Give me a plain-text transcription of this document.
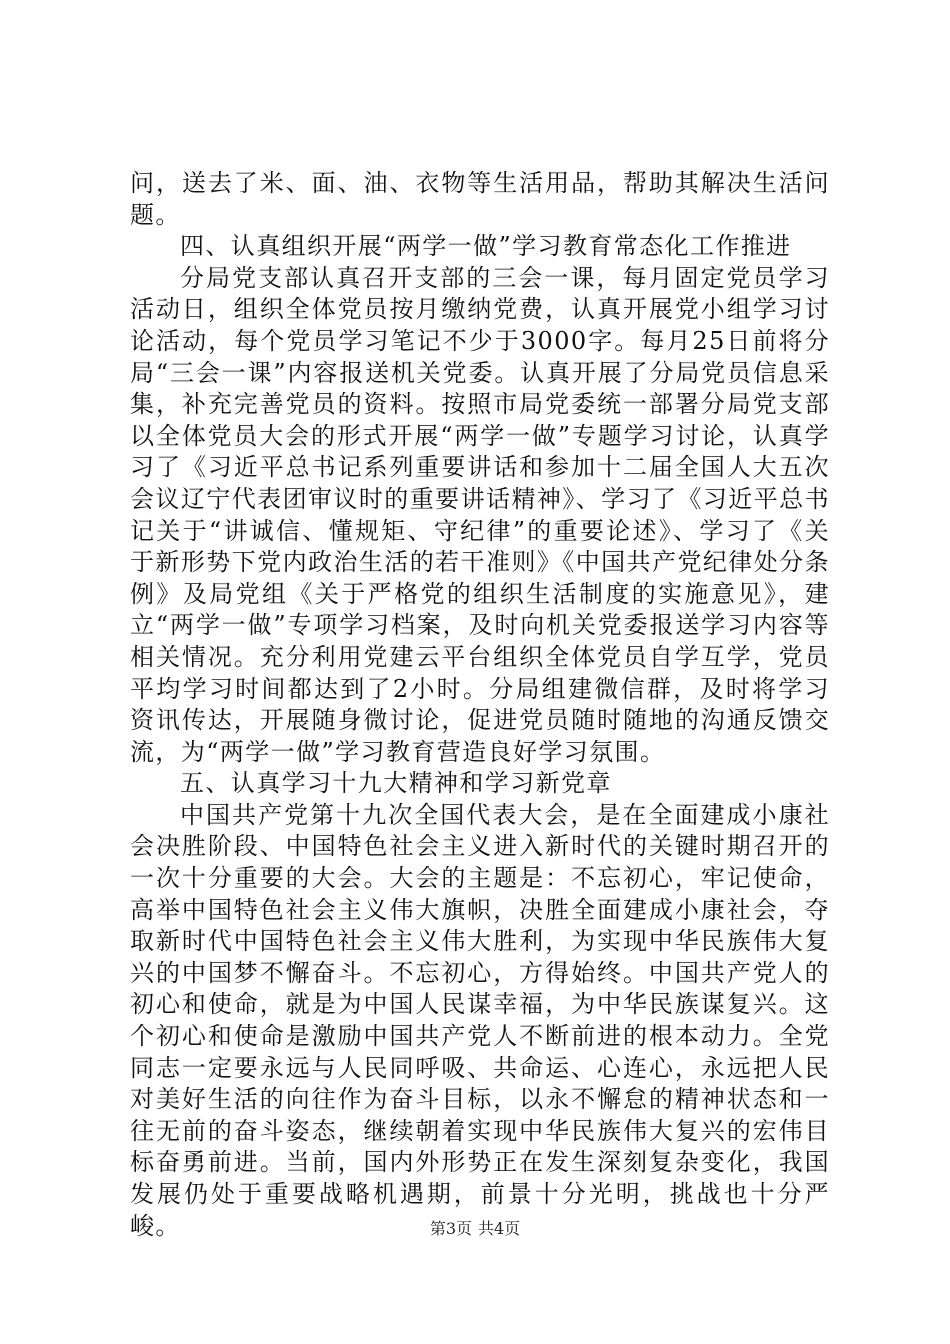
问，送去了米、面、油、衣物等生活用品，帮助其解决生活问题。

四、认真组织开展“两学一做”学习教育常态化工作推进

分局党支部认真召开支部的三会一课，每月固定党员学习活动日，组织全体党员按月缴纳党费，认真开展党小组学习讨论活动，每个党员学习笔记不少于3000字。每月25日前将分局“三会一课”内容报送机关党委。认真开展了分局党员信息采集，补充完善党员的资料。按照市局党委统一部署分局党支部以全体党员大会的形式开展“两学一做”专题学习讨论，认真学习了《习近平总书记系列重要讲话和参加十二届全国人大五次会议辽宁代表团审议时的重要讲话精神》、学习了《习近平总书记关于“讲诚信、懂规矩、守纪律”的重要论述》、学习了《关于新形势下党内政治生活的若干准则》《中国共产党纪律处分条例》及局党组《关于严格党的组织生活制度的实施意见》，建立“两学一做”专项学习档案，及时向机关党委报送学习内容等相关情况。充分利用党建云平台组织全体党员自学互学，党员平均学习时间都达到了2小时。分局组建微信群，及时将学习资讯传达，开展随身微讨论，促进党员随时随地的沟通反馈交流，为“两学一做”学习教育营造良好学习氛围。

五、认真学习十九大精神和学习新党章

中国共产党第十九次全国代表大会，是在全面建成小康社会决胜阶段、中国特色社会主义进入新时代的关键时期召开的一次十分重要的大会。大会的主题是：不忘初心，牢记使命，高举中国特色社会主义伟大旗帜，决胜全面建成小康社会，夺取新时代中国特色社会主义伟大胜利，为实现中华民族伟大复兴的中国梦不懈奋斗。不忘初心，方得始终。中国共产党人的初心和使命，就是为中国人民谋幸福，为中华民族谋复兴。这个初心和使命是激励中国共产党人不断前进的根本动力。全党同志一定要永远与人民同呼吸、共命运、心连心，永远把人民对美好生活的向往作为奋斗目标，以永不懈怠的精神状态和一往无前的奋斗姿态，继续朝着实现中华民族伟大复兴的宏伟目标奋勇前进。当前，国内外形势正在发生深刻复杂变化，我国发展仍处于重要战略机遇期，前景十分光明，挑战也十分严峻。	第3页 共4页
